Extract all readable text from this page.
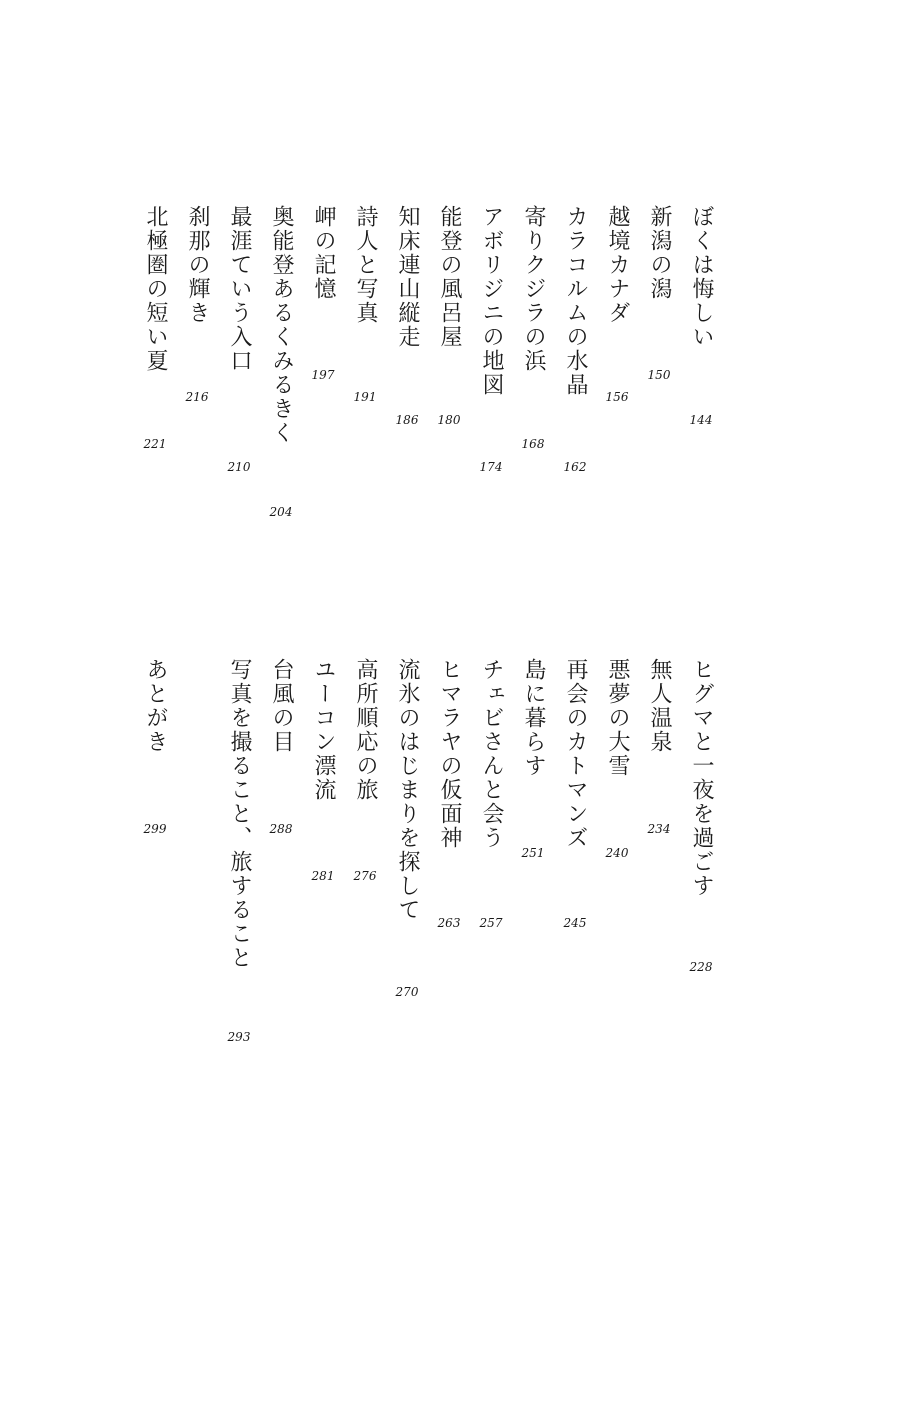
ぼくは悔しい
144
新潟の潟
150
越境カナダ
156
カラコルムの水晶
162
寄りクジラの浜
168
アボリジニの地図
174
能登の風呂屋
180
知床連山縦走
186
詩人と写真
191
岬の記憶
197
奥能登あるくみるきく
204
最涯ていう入口
210
刹那の輝き
216
北極圏の短い夏
221
ヒグマと一夜を過ごす
228
無人温泉
234
悪夢の大雪
240
再会のカトマンズ
245
島に暮らす
251
チェビさんと会う
257
ヒマラヤの仮面神
263
流氷のはじまりを探して
270
高所順応の旅
276
ユーコン漂流
281
台風の目
288
写真を撮ること、旅すること
293
あとがき
299
